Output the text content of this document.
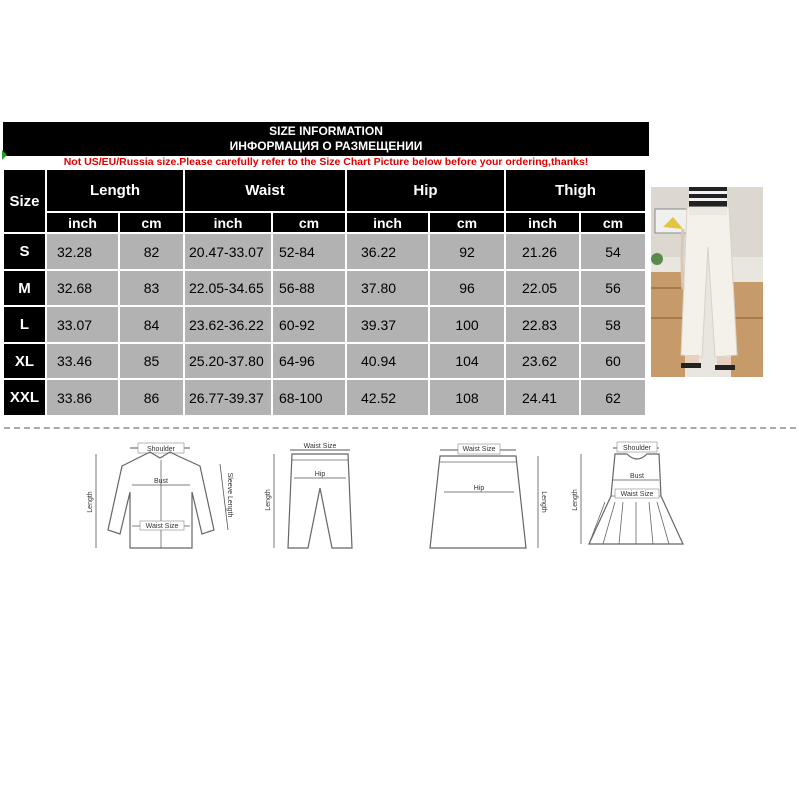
SIZE INFORMATION
ИНФОРМАЦИЯ О РАЗМЕЩЕНИИ
Not US/EU/Russia size.Please carefully refer to the Size Chart Picture below before your ordering,thanks!
Size
Length	Waist	Hip	Thigh
inch	cm	inch	cm	inch	cm	inch	cm
S	32.28	82	20.47-33.07	52-84	36.22	92	21.26	54
M	32.68	83	22.05-34.65	56-88	37.80	96	22.05	56
L	33.07	84	23.62-36.22	60-92	39.37	100	22.83	58
XL	33.46	85	25.20-37.80	64-96	40.94	104	23.62	60
XXL	33.86	86	26.77-39.37	68-100	42.52	108	24.41	62
Shoulder
Bust
Waist Size
Length	Sleeve Length
Waist Size
Hip
Length
Waist Size
Hip
Length
Shoulder
Bust
Waist Size
Length
